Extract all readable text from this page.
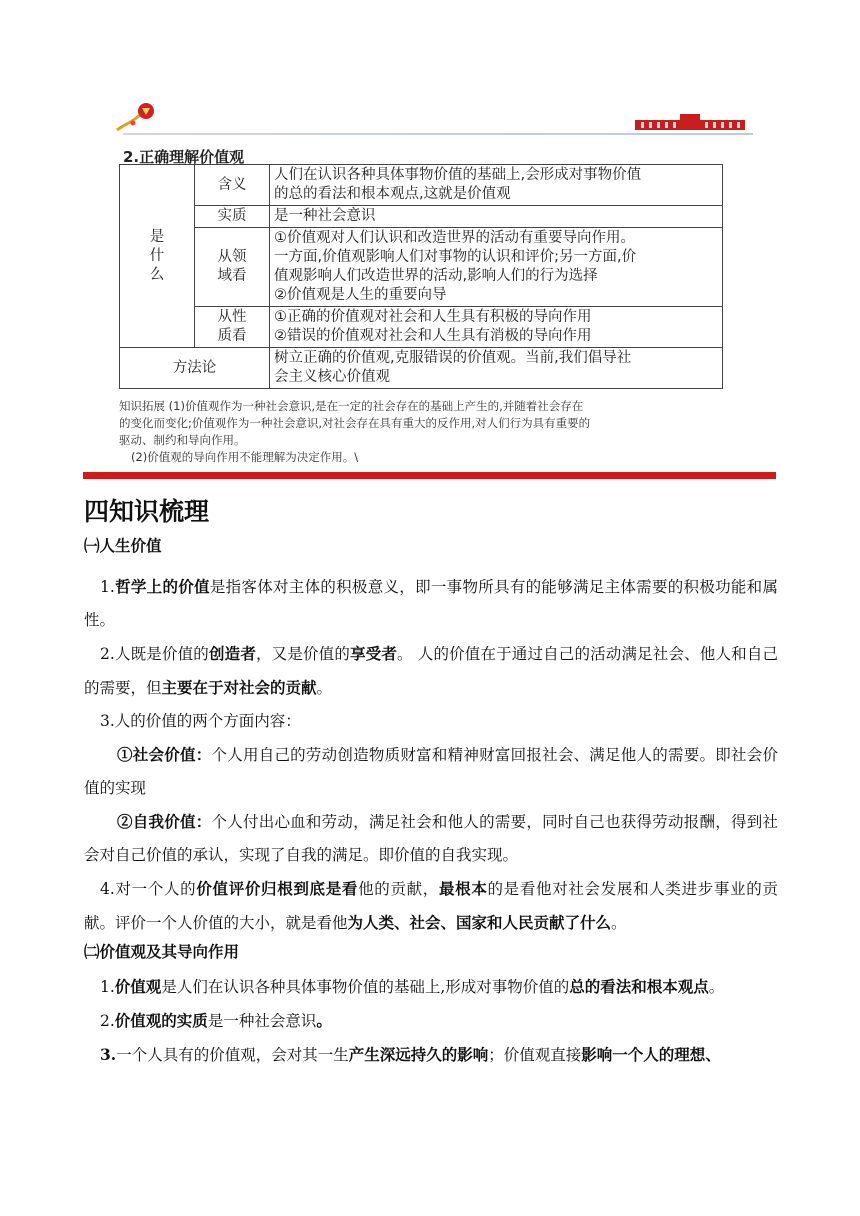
2.正确理解价值观
是
什
么	含义	人们在认识各种具体事物价值的基础上,会形成对事物价值
的总的看法和根本观点,这就是价值观
	实质	是一种社会意识
	从领
域看	①价值观对人们认识和改造世界的活动有重要导向作用。
一方面,价值观影响人们对事物的认识和评价;另一方面,价
值观影响人们改造世界的活动,影响人们的行为选择
②价值观是人生的重要向导
	从性
质看	①正确的价值观对社会和人生具有积极的导向作用
②错误的价值观对社会和人生具有消极的导向作用
方法论		树立正确的价值观,克服错误的价值观。当前,我们倡导社
会主义核心价值观

知识拓展 (1)价值观作为一种社会意识,是在一定的社会存在的基础上产生的,并随着社会存在

的变化而变化;价值观作为一种社会意识,对社会存在具有重大的反作用,对人们行为具有重要的

驱动、制约和导向作用。

(2)价值观的导向作用不能理解为决定作用。\

四知识梳理
㈠人生价值

1.哲学上的价值是指客体对主体的积极意义，即一事物所具有的能够满足主体需要的积极功能和属性。

2.人既是价值的创造者，又是价值的享受者。 人的价值在于通过自己的活动满足社会、他人和自己的需要，但主要在于对社会的贡献。

3.人的价值的两个方面内容：

①社会价值：个人用自己的劳动创造物质财富和精神财富回报社会、满足他人的需要。即社会价值的实现

②自我价值：个人付出心血和劳动，满足社会和他人的需要，同时自己也获得劳动报酬，得到社会对自己价值的承认，实现了自我的满足。即价值的自我实现。

4.对一个人的价值评价归根到底是看他的贡献，最根本的是看他对社会发展和人类进步事业的贡献。评价一个人价值的大小，就是看他为人类、社会、国家和人民贡献了什么。

㈡价值观及其导向作用

1.价值观是人们在认识各种具体事物价值的基础上,形成对事物价值的总的看法和根本观点。

2.价值观的实质是一种社会意识。

3.一个人具有的价值观，会对其一生产生深远持久的影响；价值观直接影响一个人的理想、
